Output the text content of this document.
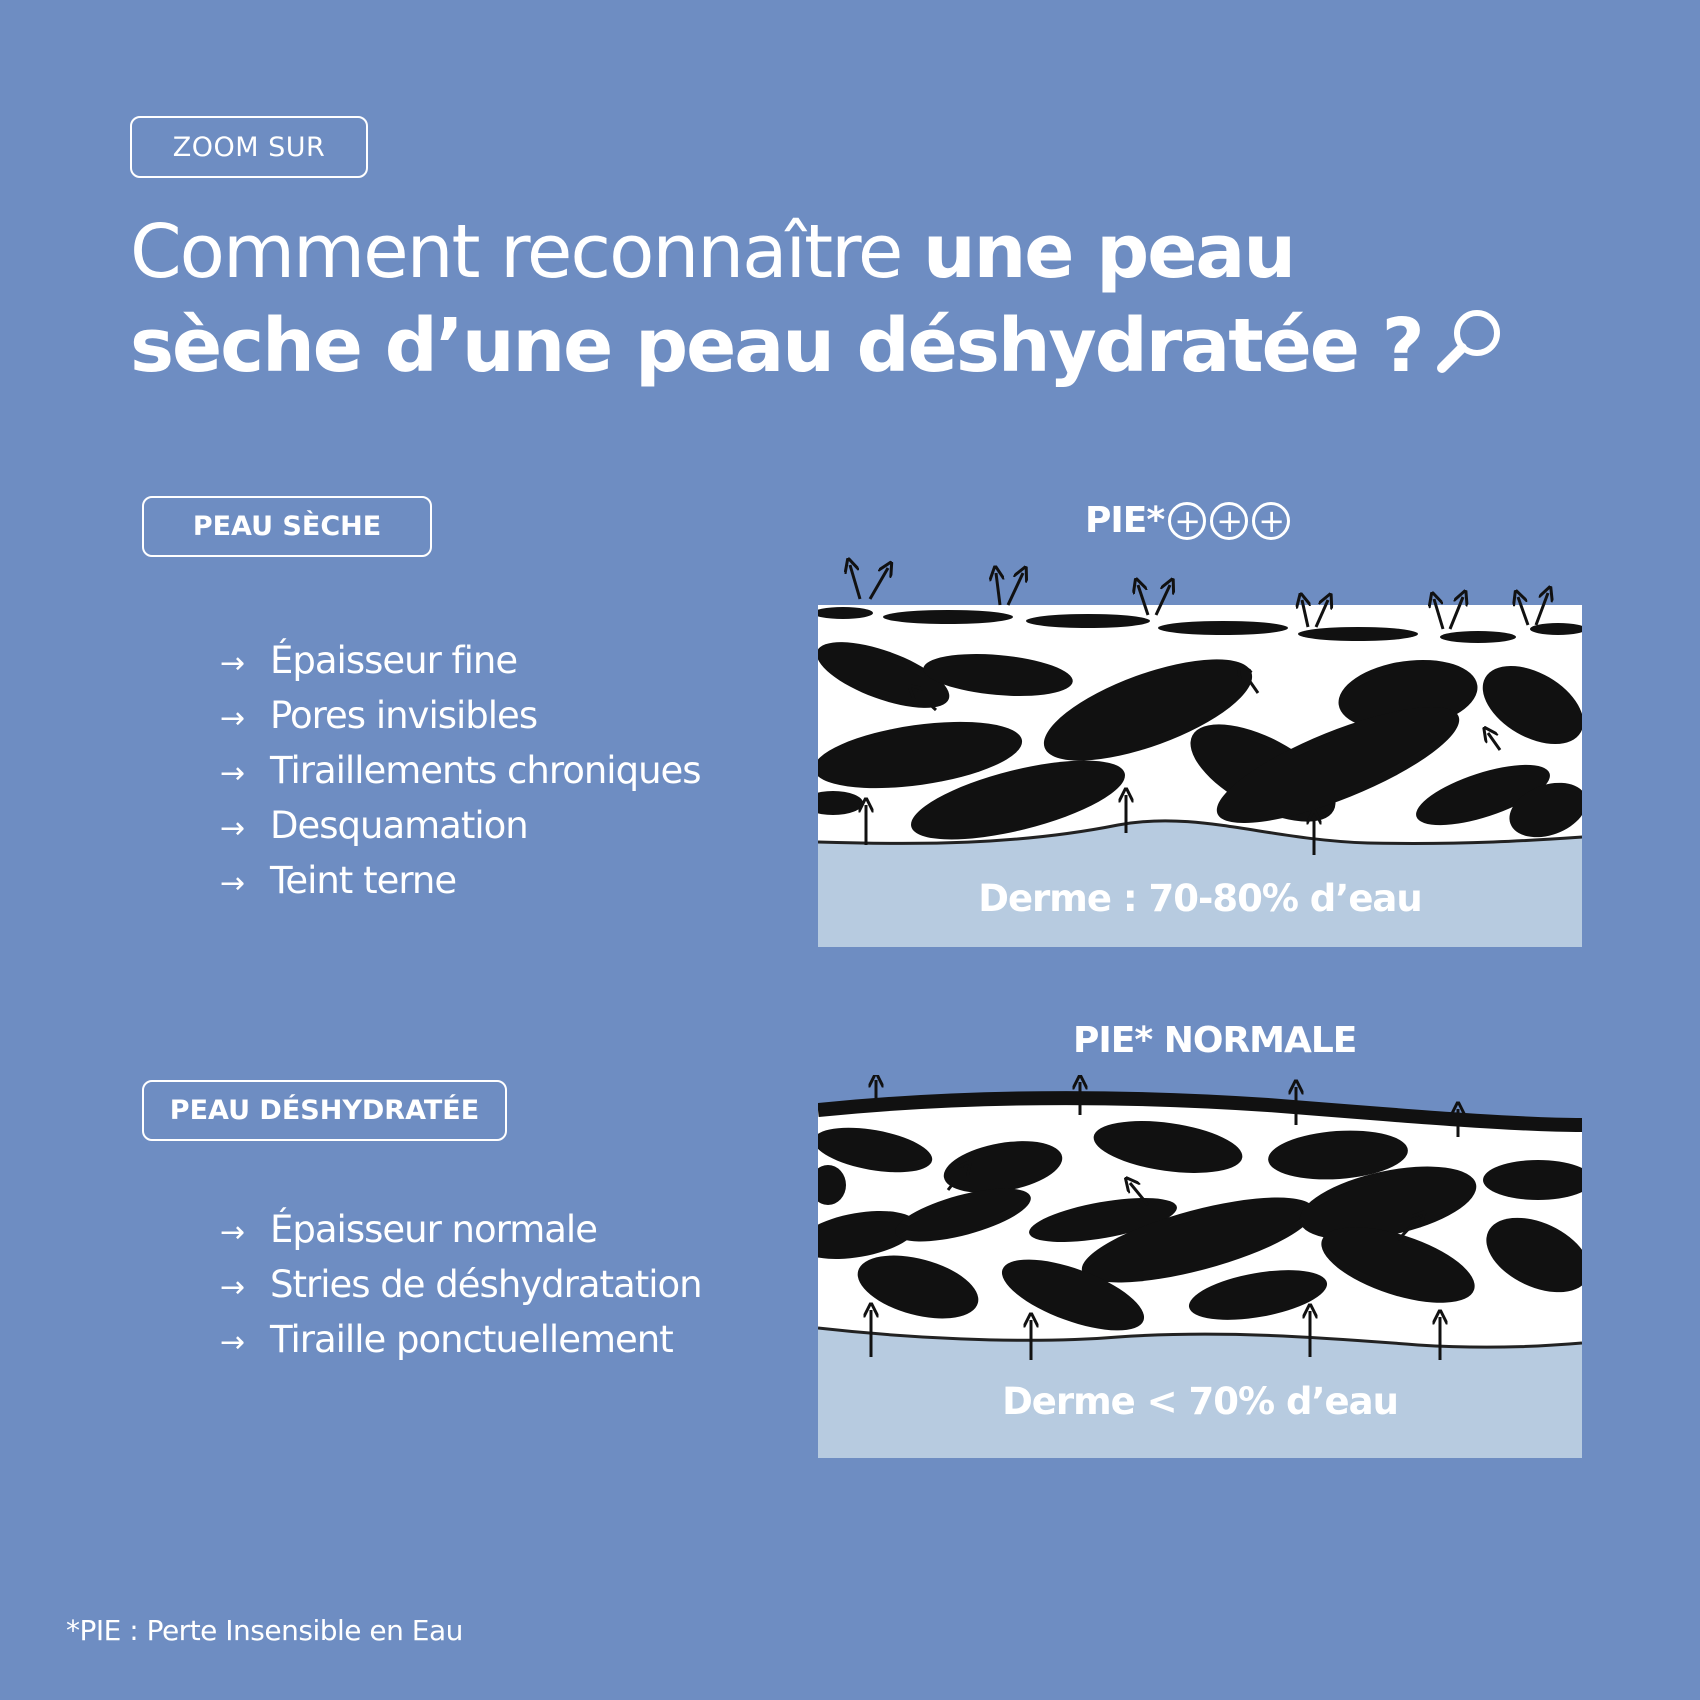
ZOOM SUR
Comment reconnaître une peau
sèche d’une peau déshydratée ?
PEAU SÈCHE
→ Épaisseur fine
→ Pores invisibles
→ Tiraillements chroniques
→ Desquamation
→ Teint terne
PIE* + + +
Derme : 70-80% d’eau
PEAU DÉSHYDRATÉE
→ Épaisseur normale
→ Stries de déshydratation
→ Tiraille ponctuellement
PIE* NORMALE
Derme < 70% d’eau
*PIE : Perte Insensible en Eau
